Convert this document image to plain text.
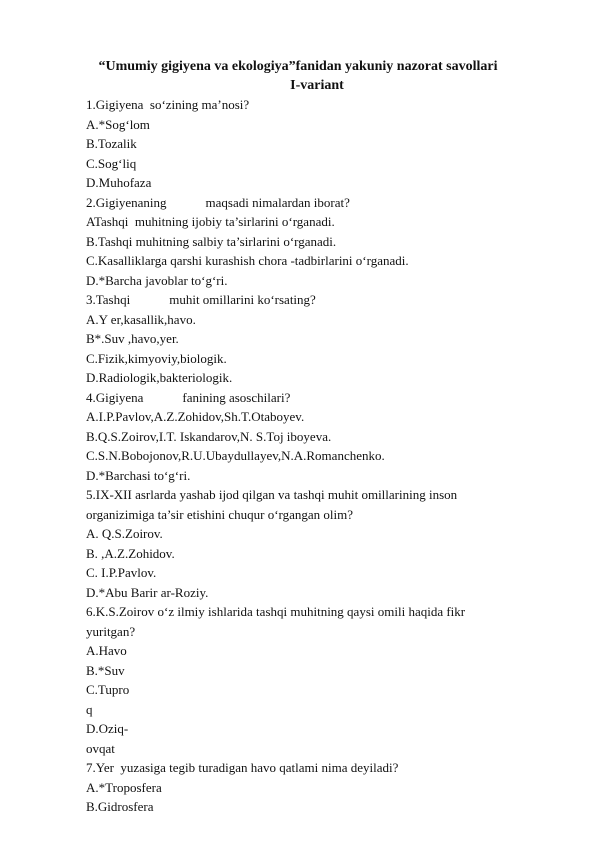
“Umumiy gigiyena va ekologiya”fanidan yakuniy nazorat savollari
I-variant
1.Gigiyena  so‘zining ma’nosi?
A.*Sog‘lom
B.Tozalik
C.Sog‘liq
D.Muhofaza
2.Gigiyenaning            maqsadi nimalardan iborat?
ATashqi  muhitning ijobiy ta’sirlarini o‘rganadi.
B.Tashqi muhitning salbiy ta’sirlarini o‘rganadi.
C.Kasalliklarga qarshi kurashish chora -tadbirlarini o‘rganadi.
D.*Barcha javoblar to‘g‘ri.
3.Tashqi            muhit omillarini ko‘rsating?
A.Y er,kasallik,havo.
B*.Suv ,havo,yer.
C.Fizik,kimyoviy,biologik.
D.Radiologik,bakteriologik.
4.Gigiyena            fanining asoschilari?
A.I.P.Pavlov,A.Z.Zohidov,Sh.T.Otaboyev.
B.Q.S.Zoirov,I.T. Iskandarov,N. S.Toj iboyeva.
C.S.N.Bobojonov,R.U.Ubaydullayev,N.A.Romanchenko.
D.*Barchasi to‘g‘ri.
5.IX-XII asrlarda yashab ijod qilgan va tashqi muhit omillarining inson
organizimiga ta’sir etishini chuqur o‘rgangan olim?
A. Q.S.Zoirov.
B. ,A.Z.Zohidov.
C. I.P.Pavlov.
D.*Abu Barir ar-Roziy.
6.K.S.Zoirov o‘z ilmiy ishlarida tashqi muhitning qaysi omili haqida fikr
yuritgan?
A.Havo
B.*Suv
C.Tupro
q
D.Oziq-
ovqat
7.Yer  yuzasiga tegib turadigan havo qatlami nima deyiladi?
A.*Troposfera
B.Gidrosfera
